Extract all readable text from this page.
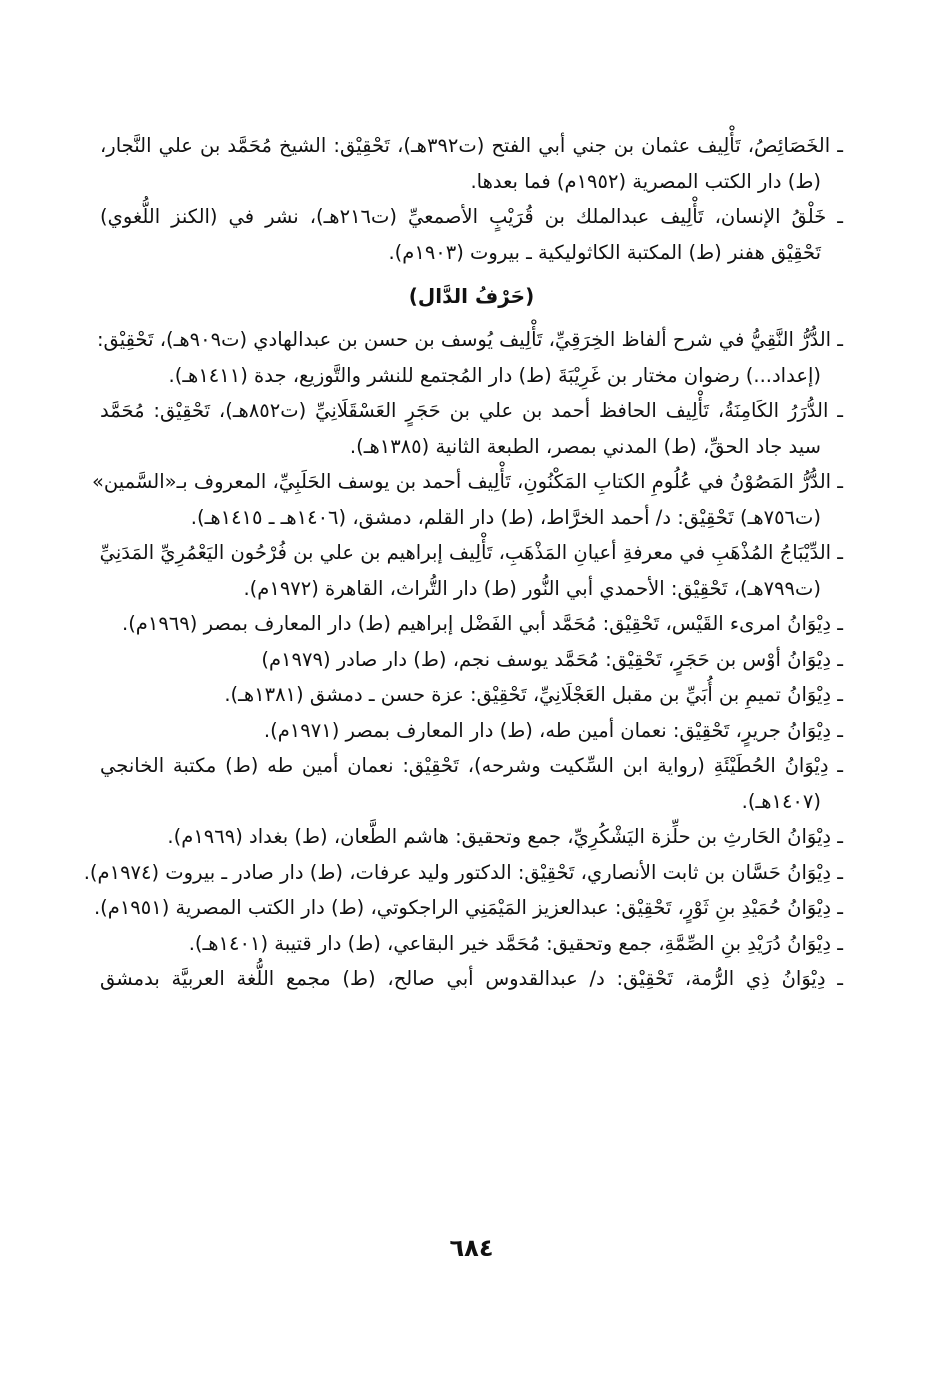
ـ الخَصَائِصُ، تَأْلِيف عثمان بن جني أبي الفتح (ت٣٩٢هـ)، تَحْقِيْق: الشيخ مُحَمَّد بن علي النَّجار،
(ط) دار الكتب المصرية (١٩٥٢م) فما بعدها.
ـ خَلْقُ الإنسان، تَأْلِيف عبدالملك بن قُرَيْبٍ الأصمعيِّ (ت٢١٦هـ)، نشر في (الكنز اللُّغوي)
تَحْقِيْق هفنر (ط) المكتبة الكاثوليكية ـ بيروت (١٩٠٣م).
(حَرْفُ الدَّال)
ـ الدُّرُّ النَّقِيُّ في شرح ألفاظ الخِرَقِيِّ، تَأْلِيف يُوسف بن حسن بن عبدالهادي (ت٩٠٩هـ)، تَحْقِيْق:
(إعداد...) رضوان مختار بن غَرِيْبَةَ (ط) دار المُجتمع للنشر والتَّوزيع، جدة (١٤١١هـ).
ـ الدُّرَرُ الكَامِنَةُ، تَأْلِيف الحافظ أحمد بن علي بن حَجَرٍ العَسْقَلَانِيِّ (ت٨٥٢هـ)، تَحْقِيْق: مُحَمَّد
سيد جاد الحقِّ، (ط) المدني بمصر، الطبعة الثانية (١٣٨٥هـ).
ـ الدُّرُّ المَصُوْنُ في عُلُومِ الكتابِ المَكْنُونِ، تَأْلِيف أحمد بن يوسف الحَلَبِيِّ، المعروف بـ«السَّمين»
(ت٧٥٦هـ) تَحْقِيْق: د/ أحمد الخرَّاط، (ط) دار القلم، دمشق، (١٤٠٦هـ ـ ١٤١٥هـ).
ـ الدِّيْبَاجُ المُذْهَبِ في معرفةِ أعيانِ المَذْهَبِ، تَأْلِيف إبراهيم بن علي بن فُرْحُون اليَعْمُرِيِّ المَدَنِيِّ
(ت٧٩٩هـ)، تَحْقِيْق: الأحمدي أبي النُّور (ط) دار التُّراث، القاهرة (١٩٧٢م).
ـ دِيْوَانُ امرىء القَيْس، تَحْقِيْق: مُحَمَّد أبي الفَضْل إبراهيم (ط) دار المعارف بمصر (١٩٦٩م).
ـ دِيْوَانُ أوْس بن حَجَرٍ، تَحْقِيْق: مُحَمَّد يوسف نجم، (ط) دار صادر (١٩٧٩م)
ـ دِيْوَانُ تميمِ بن أُبَيِّ بن مقبل العَجْلَانِيِّ، تَحْقِيْق: عزة حسن ـ دمشق (١٣٨١هـ).
ـ دِيْوَانُ جريرٍ، تَحْقِيْق: نعمان أمين طه، (ط) دار المعارف بمصر (١٩٧١م).
ـ دِيْوَانُ الحُطَيْئَةِ (رواية ابن السِّكيت وشرحه)، تَحْقِيْق: نعمان أمين طه (ط) مكتبة الخانجي
(١٤٠٧هـ).
ـ دِيْوَانُ الحَارثِ بن حلِّزة اليَشْكُرِيِّ، جمع وتحقيق: هاشم الطَّعان، (ط) بغداد (١٩٦٩م).
ـ دِيْوَانُ حَسَّان بن ثابت الأنصاري، تَحْقِيْق: الدكتور وليد عرفات، (ط) دار صادر ـ بيروت (١٩٧٤م).
ـ دِيْوَانُ حُمَيْدِ بنِ ثَوْرٍ، تَحْقِيْق: عبدالعزيز المَيْمَنِي الراجكوتي، (ط) دار الكتب المصرية (١٩٥١م).
ـ دِيْوَانُ دُرَيْدِ بنِ الصِّمَّةِ، جمع وتحقيق: مُحَمَّد خير البقاعي، (ط) دار قتيبة (١٤٠١هـ).
ـ دِيْوَانُ ذِي الرُّمة، تَحْقِيْق: د/ عبدالقدوس أبي صالح، (ط) مجمع اللُّغة العربيَّة بدمشق
٦٨٤
